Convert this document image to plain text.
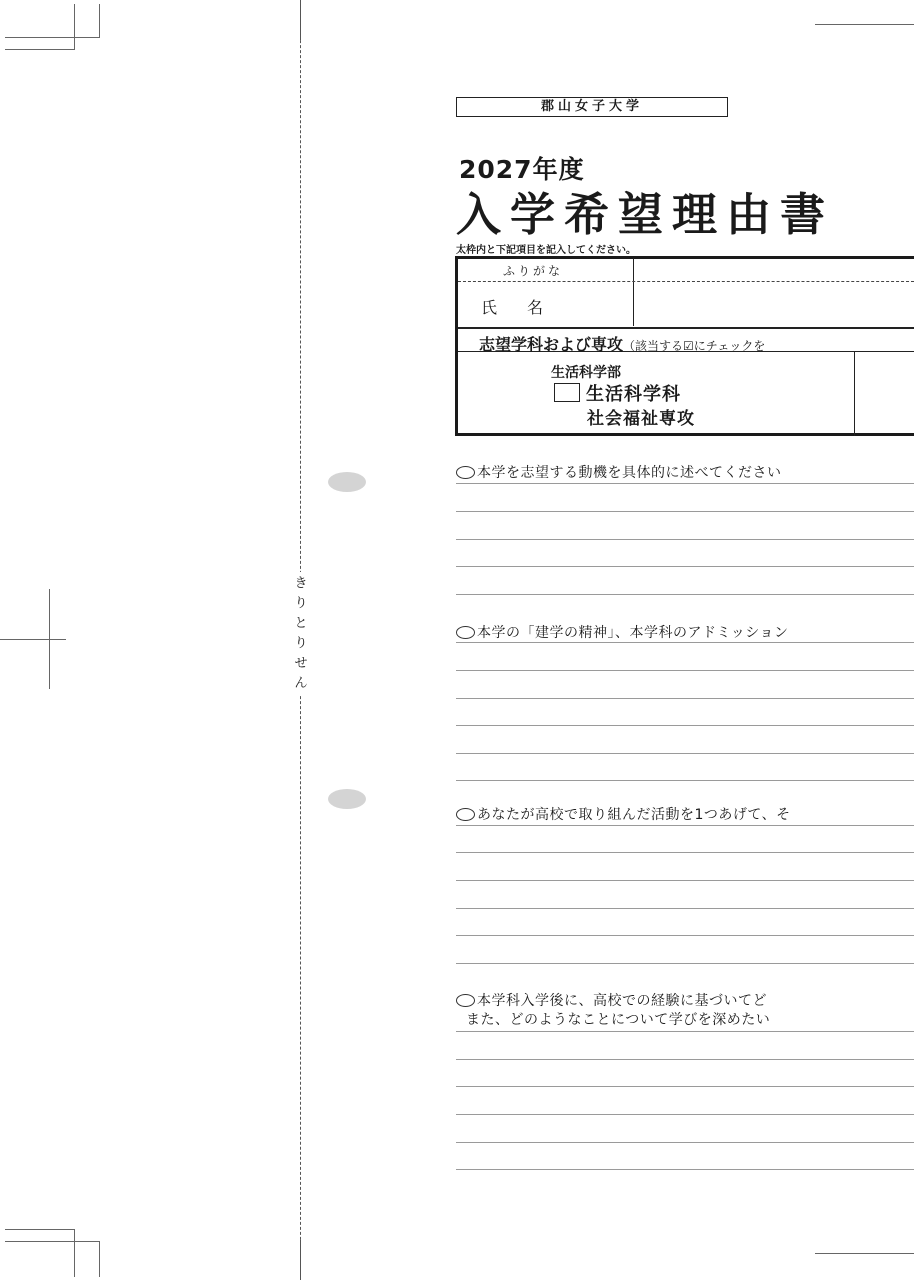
き
り
と
り
せ
ん
郡山女子大学
2027年度
入学希望理由書
太枠内と下記項目を記入してください。
ふりがな
氏 名
志望学科および専攻（該当する☑にチェックを
生活科学部
生活科学科
社会福祉専攻
本学を志望する動機を具体的に述べてください
本学の「建学の精神」、本学科のアドミッション
あなたが高校で取り組んだ活動を1つあげて、そ
本学科入学後に、高校での経験に基づいてど
また、どのようなことについて学びを深めたい
